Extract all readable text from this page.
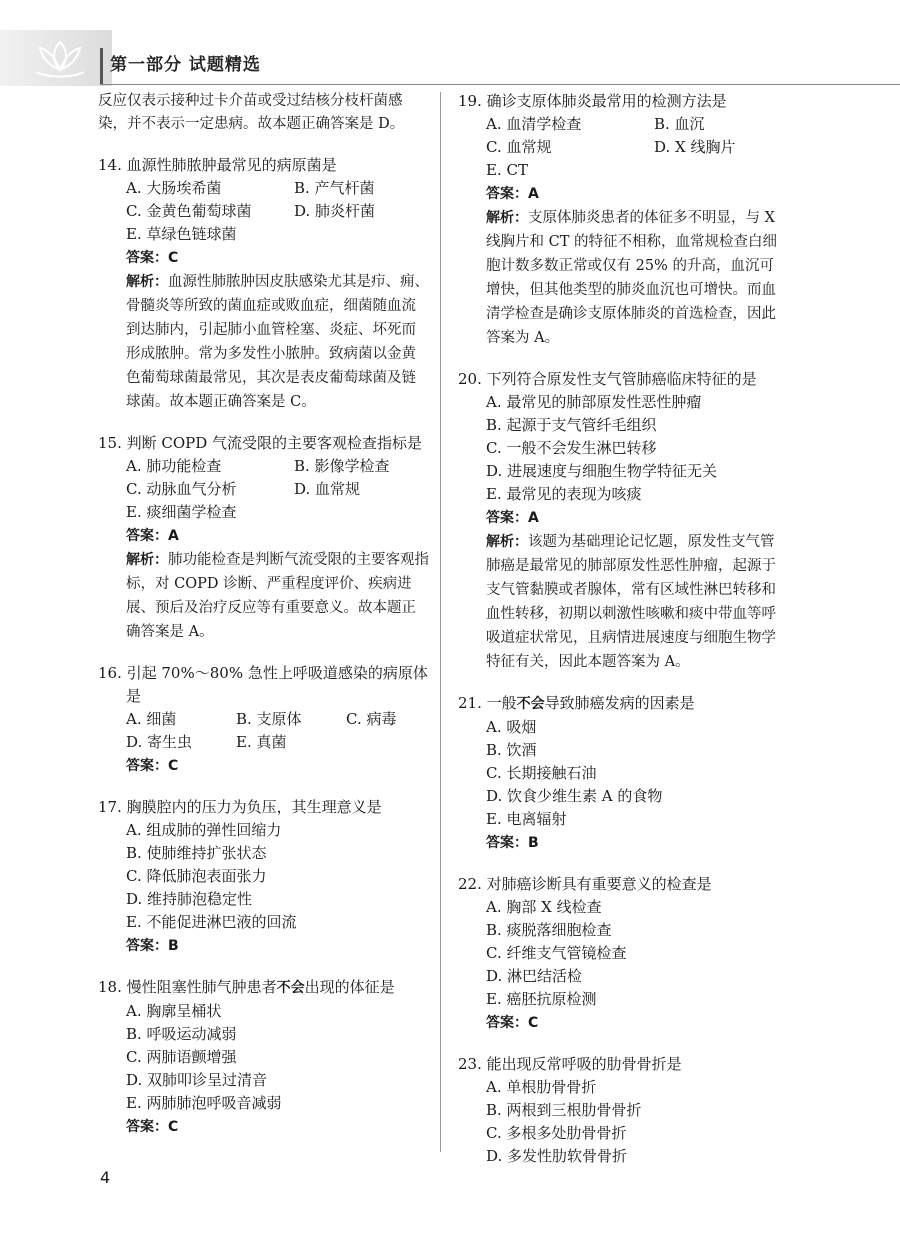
第一部分 试题精选
反应仅表示接种过卡介苗或受过结核分枝杆菌感染，并不表示一定患病。故本题正确答案是 D。
14. 血源性肺脓肿最常见的病原菌是
A. 大肠埃希菌	B. 产气杆菌
C. 金黄色葡萄球菌	D. 肺炎杆菌
E. 草绿色链球菌
答案：C
解析：血源性肺脓肿因皮肤感染尤其是疖、痈、骨髓炎等所致的菌血症或败血症，细菌随血流到达肺内，引起肺小血管栓塞、炎症、坏死而形成脓肿。常为多发性小脓肿。致病菌以金黄色葡萄球菌最常见，其次是表皮葡萄球菌及链球菌。故本题正确答案是 C。
15. 判断 COPD 气流受限的主要客观检查指标是
A. 肺功能检查	B. 影像学检查
C. 动脉血气分析	D. 血常规
E. 痰细菌学检查
答案：A
解析：肺功能检查是判断气流受限的主要客观指标，对 COPD 诊断、严重程度评价、疾病进展、预后及治疗反应等有重要意义。故本题正确答案是 A。
16. 引起 70%～80% 急性上呼吸道感染的病原体是
A. 细菌	B. 支原体	C. 病毒
D. 寄生虫	E. 真菌
答案：C
17. 胸膜腔内的压力为负压，其生理意义是
A. 组成肺的弹性回缩力
B. 使肺维持扩张状态
C. 降低肺泡表面张力
D. 维持肺泡稳定性
E. 不能促进淋巴液的回流
答案：B
18. 慢性阻塞性肺气肿患者不会出现的体征是
A. 胸廓呈桶状
B. 呼吸运动减弱
C. 两肺语颤增强
D. 双肺叩诊呈过清音
E. 两肺肺泡呼吸音减弱
答案：C
19. 确诊支原体肺炎最常用的检测方法是
A. 血清学检查	B. 血沉
C. 血常规	D. X 线胸片
E. CT
答案：A
解析：支原体肺炎患者的体征多不明显，与 X 线胸片和 CT 的特征不相称，血常规检查白细胞计数多数正常或仅有 25% 的升高，血沉可增快，但其他类型的肺炎血沉也可增快。而血清学检查是确诊支原体肺炎的首选检查，因此答案为 A。
20. 下列符合原发性支气管肺癌临床特征的是
A. 最常见的肺部原发性恶性肿瘤
B. 起源于支气管纤毛组织
C. 一般不会发生淋巴转移
D. 进展速度与细胞生物学特征无关
E. 最常见的表现为咳痰
答案：A
解析：该题为基础理论记忆题，原发性支气管肺癌是最常见的肺部原发性恶性肿瘤，起源于支气管黏膜或者腺体，常有区域性淋巴转移和血性转移，初期以刺激性咳嗽和痰中带血等呼吸道症状常见，且病情进展速度与细胞生物学特征有关，因此本题答案为 A。
21. 一般不会导致肺癌发病的因素是
A. 吸烟
B. 饮酒
C. 长期接触石油
D. 饮食少维生素 A 的食物
E. 电离辐射
答案：B
22. 对肺癌诊断具有重要意义的检查是
A. 胸部 X 线检查
B. 痰脱落细胞检查
C. 纤维支气管镜检查
D. 淋巴结活检
E. 癌胚抗原检测
答案：C
23. 能出现反常呼吸的肋骨骨折是
A. 单根肋骨骨折
B. 两根到三根肋骨骨折
C. 多根多处肋骨骨折
D. 多发性肋软骨骨折
4
